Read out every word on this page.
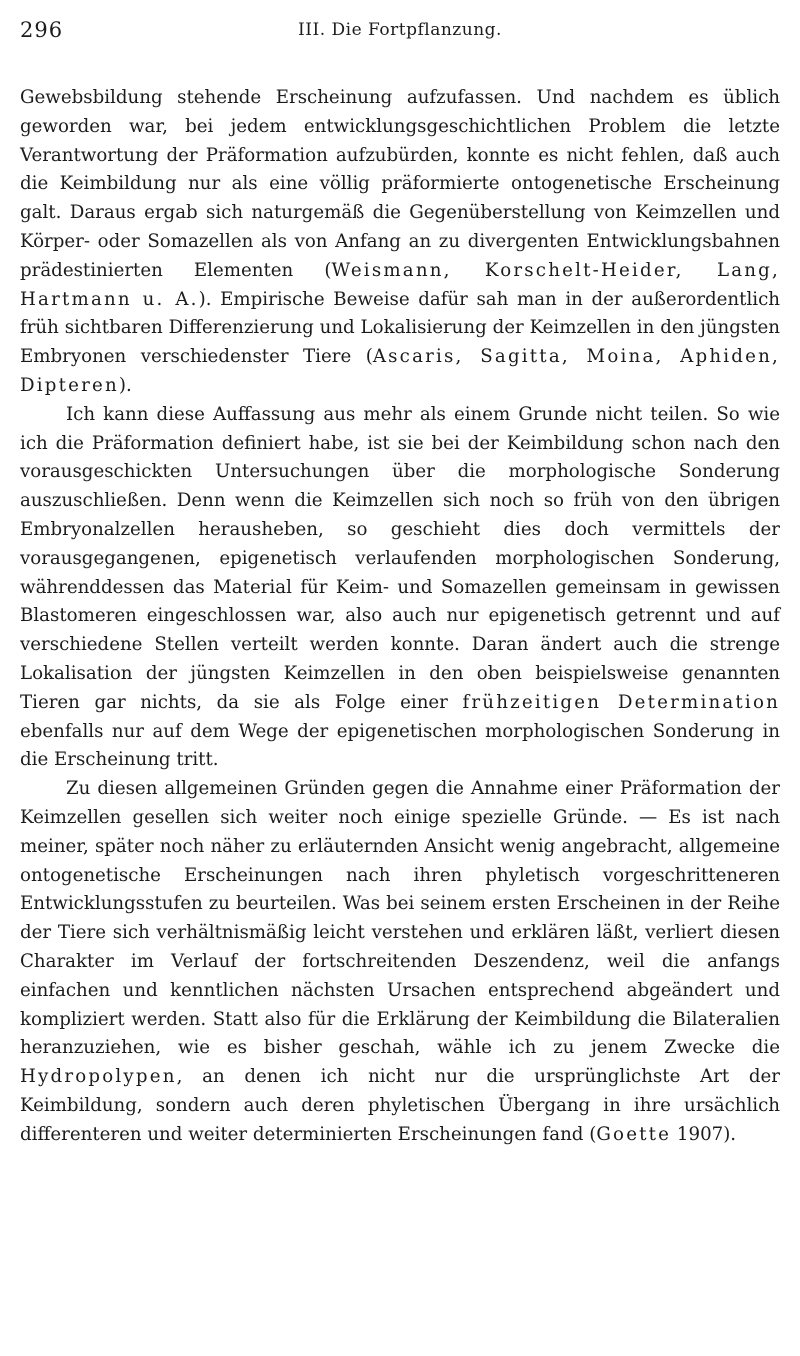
296	III. Die Fortpflanzung.

Gewebsbildung stehende Erscheinung aufzufassen. Und nachdem es üblich geworden war, bei jedem entwicklungsgeschichtlichen Problem die letzte Verantwortung der Präformation aufzubürden, konnte es nicht fehlen, daß auch die Keimbildung nur als eine völlig präformierte ontogenetische Erscheinung galt. Daraus ergab sich naturgemäß die Gegenüberstellung von Keimzellen und Körper- oder Somazellen als von Anfang an zu divergenten Entwicklungsbahnen prädestinierten Elementen (Weismann, Korschelt-Heider, Lang, Hartmann u. A.). Empirische Beweise dafür sah man in der außerordentlich früh sichtbaren Differenzierung und Lokalisierung der Keimzellen in den jüngsten Embryonen verschiedenster Tiere (Ascaris, Sagitta, Moina, Aphiden, Dipteren).

Ich kann diese Auffassung aus mehr als einem Grunde nicht teilen. So wie ich die Präformation definiert habe, ist sie bei der Keimbildung schon nach den vorausgeschickten Untersuchungen über die morphologische Sonderung auszuschließen. Denn wenn die Keimzellen sich noch so früh von den übrigen Embryonalzellen herausheben, so geschieht dies doch vermittels der vorausgegangenen, epigenetisch verlaufenden morphologischen Sonderung, währenddessen das Material für Keim- und Somazellen gemeinsam in gewissen Blastomeren eingeschlossen war, also auch nur epigenetisch getrennt und auf verschiedene Stellen verteilt werden konnte. Daran ändert auch die strenge Lokalisation der jüngsten Keimzellen in den oben beispielsweise genannten Tieren gar nichts, da sie als Folge einer frühzeitigen Determination ebenfalls nur auf dem Wege der epigenetischen morphologischen Sonderung in die Erscheinung tritt.

Zu diesen allgemeinen Gründen gegen die Annahme einer Präformation der Keimzellen gesellen sich weiter noch einige spezielle Gründe. — Es ist nach meiner, später noch näher zu erläuternden Ansicht wenig angebracht, allgemeine ontogenetische Erscheinungen nach ihren phyletisch vorgeschritteneren Entwicklungsstufen zu beurteilen. Was bei seinem ersten Erscheinen in der Reihe der Tiere sich verhältnismäßig leicht verstehen und erklären läßt, verliert diesen Charakter im Verlauf der fortschreitenden Deszendenz, weil die anfangs einfachen und kenntlichen nächsten Ursachen entsprechend abgeändert und kompliziert werden. Statt also für die Erklärung der Keimbildung die Bilateralien heranzuziehen, wie es bisher geschah, wähle ich zu jenem Zwecke die Hydropolypen, an denen ich nicht nur die ursprünglichste Art der Keimbildung, sondern auch deren phyletischen Übergang in ihre ursächlich differenteren und weiter determinierten Erscheinungen fand (Goette 1907).
